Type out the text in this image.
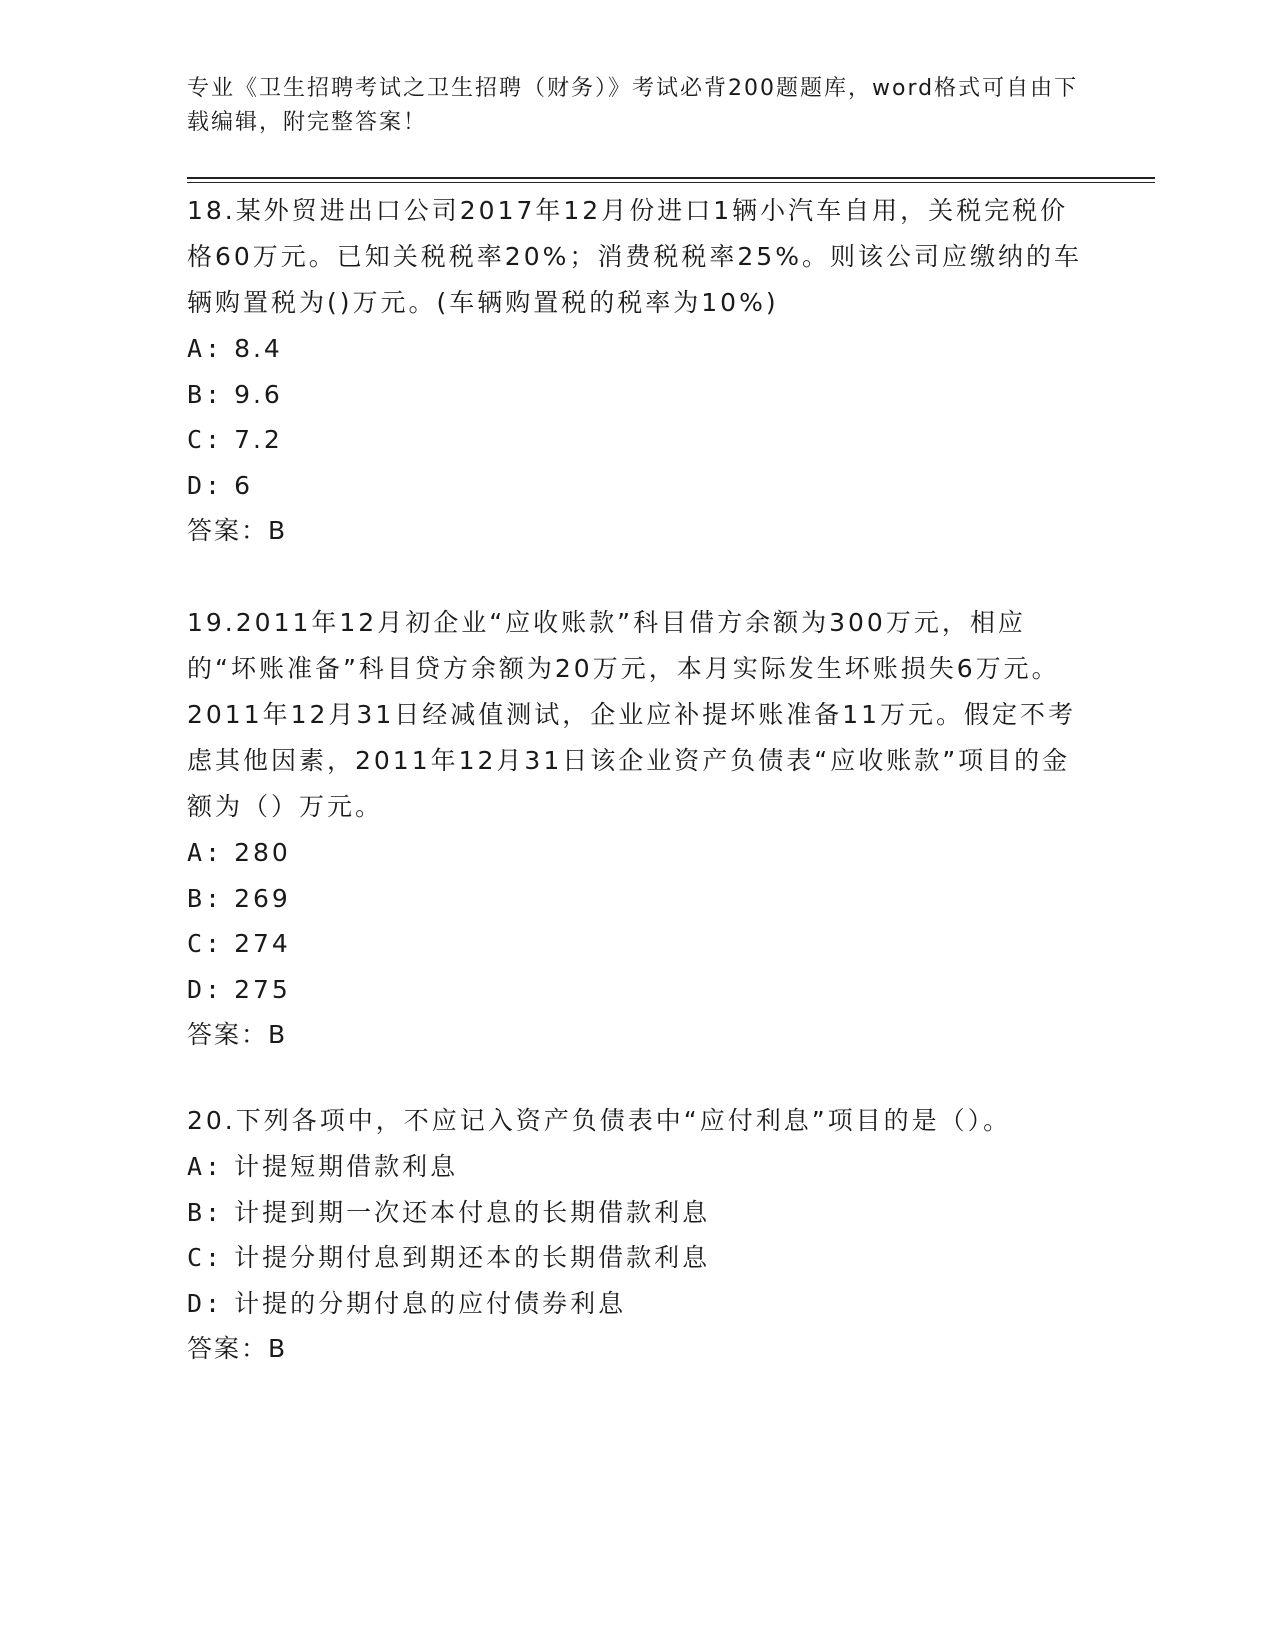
专业《卫生招聘考试之卫生招聘（财务）》考试必背200题题库，word格式可自由下载编辑，附完整答案！
18.某外贸进出口公司2017年12月份进口1辆小汽车自用，关税完税价格60万元。已知关税税率20%；消费税税率25%。则该公司应缴纳的车辆购置税为()万元。(车辆购置税的税率为10%)
A: 8.4
B: 9.6
C: 7.2
D: 6
答案：B
19.2011年12月初企业“应收账款”科目借方余额为300万元，相应的“坏账准备”科目贷方余额为20万元，本月实际发生坏账损失6万元。2011年12月31日经减值测试，企业应补提坏账准备11万元。假定不考虑其他因素，2011年12月31日该企业资产负债表“应收账款”项目的金额为（）万元。
A: 280
B: 269
C: 274
D: 275
答案：B
20.下列各项中，不应记入资产负债表中“应付利息”项目的是（）。
A: 计提短期借款利息
B: 计提到期一次还本付息的长期借款利息
C: 计提分期付息到期还本的长期借款利息
D: 计提的分期付息的应付债券利息
答案：B
